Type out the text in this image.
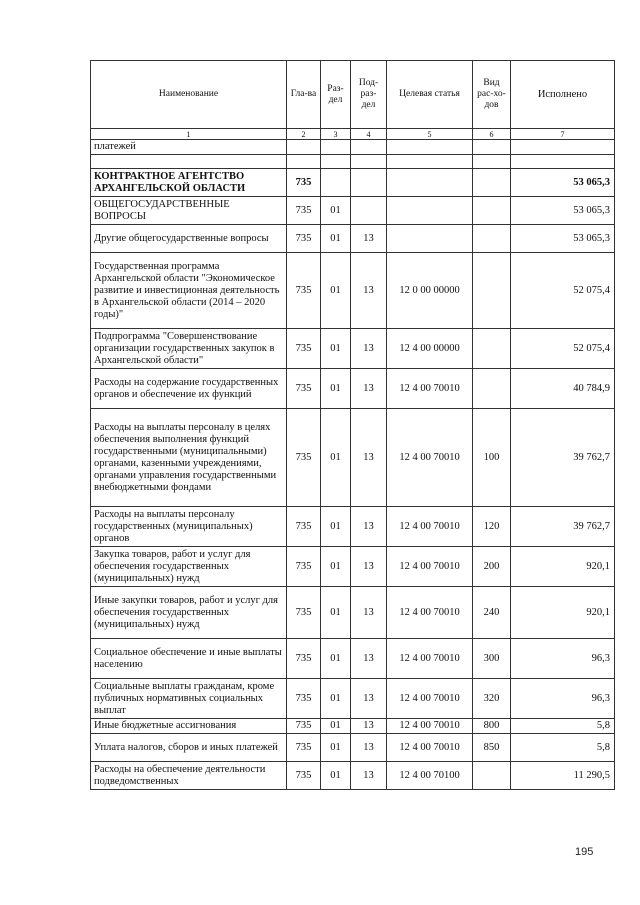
Наименование	Гла-ва	Раз-дел	Под-раз-дел	Целевая статья	Вид рас-хо-дов	Исполнено
1	2	3	4	5	6	7
платежей						

КОНТРАКТНОЕ АГЕНТСТВО АРХАНГЕЛЬСКОЙ ОБЛАСТИ	735					53 065,3
ОБЩЕГОСУДАРСТВЕННЫЕ ВОПРОСЫ	735	01				53 065,3
Другие общегосударственные вопросы	735	01	13			53 065,3
Государственная программа Архангельской области "Экономическое развитие и инвестиционная деятельность в Архангельской области (2014 – 2020 годы)"	735	01	13	12 0 00 00000		52 075,4
Подпрограмма "Совершенствование организации государственных закупок в Архангельской области"	735	01	13	12 4 00 00000		52 075,4
Расходы на содержание государственных органов и обеспечение их функций	735	01	13	12 4 00 70010		40 784,9
Расходы на выплаты персоналу в целях обеспечения выполнения функций государственными (муниципальными) органами, казенными учреждениями, органами управления государственными внебюджетными фондами	735	01	13	12 4 00 70010	100	39 762,7
Расходы на выплаты персоналу государственных (муниципальных) органов	735	01	13	12 4 00 70010	120	39 762,7
Закупка товаров, работ и услуг для обеспечения государственных (муниципальных) нужд	735	01	13	12 4 00 70010	200	920,1
Иные закупки товаров, работ и услуг для обеспечения государственных (муниципальных) нужд	735	01	13	12 4 00 70010	240	920,1
Социальное обеспечение и иные выплаты населению	735	01	13	12 4 00 70010	300	96,3
Социальные выплаты гражданам, кроме публичных нормативных социальных выплат	735	01	13	12 4 00 70010	320	96,3
Иные бюджетные ассигнования	735	01	13	12 4 00 70010	800	5,8
Уплата налогов, сборов и иных платежей	735	01	13	12 4 00 70010	850	5,8
Расходы на обеспечение деятельности подведомственных	735	01	13	12 4 00 70100		11 290,5
195
